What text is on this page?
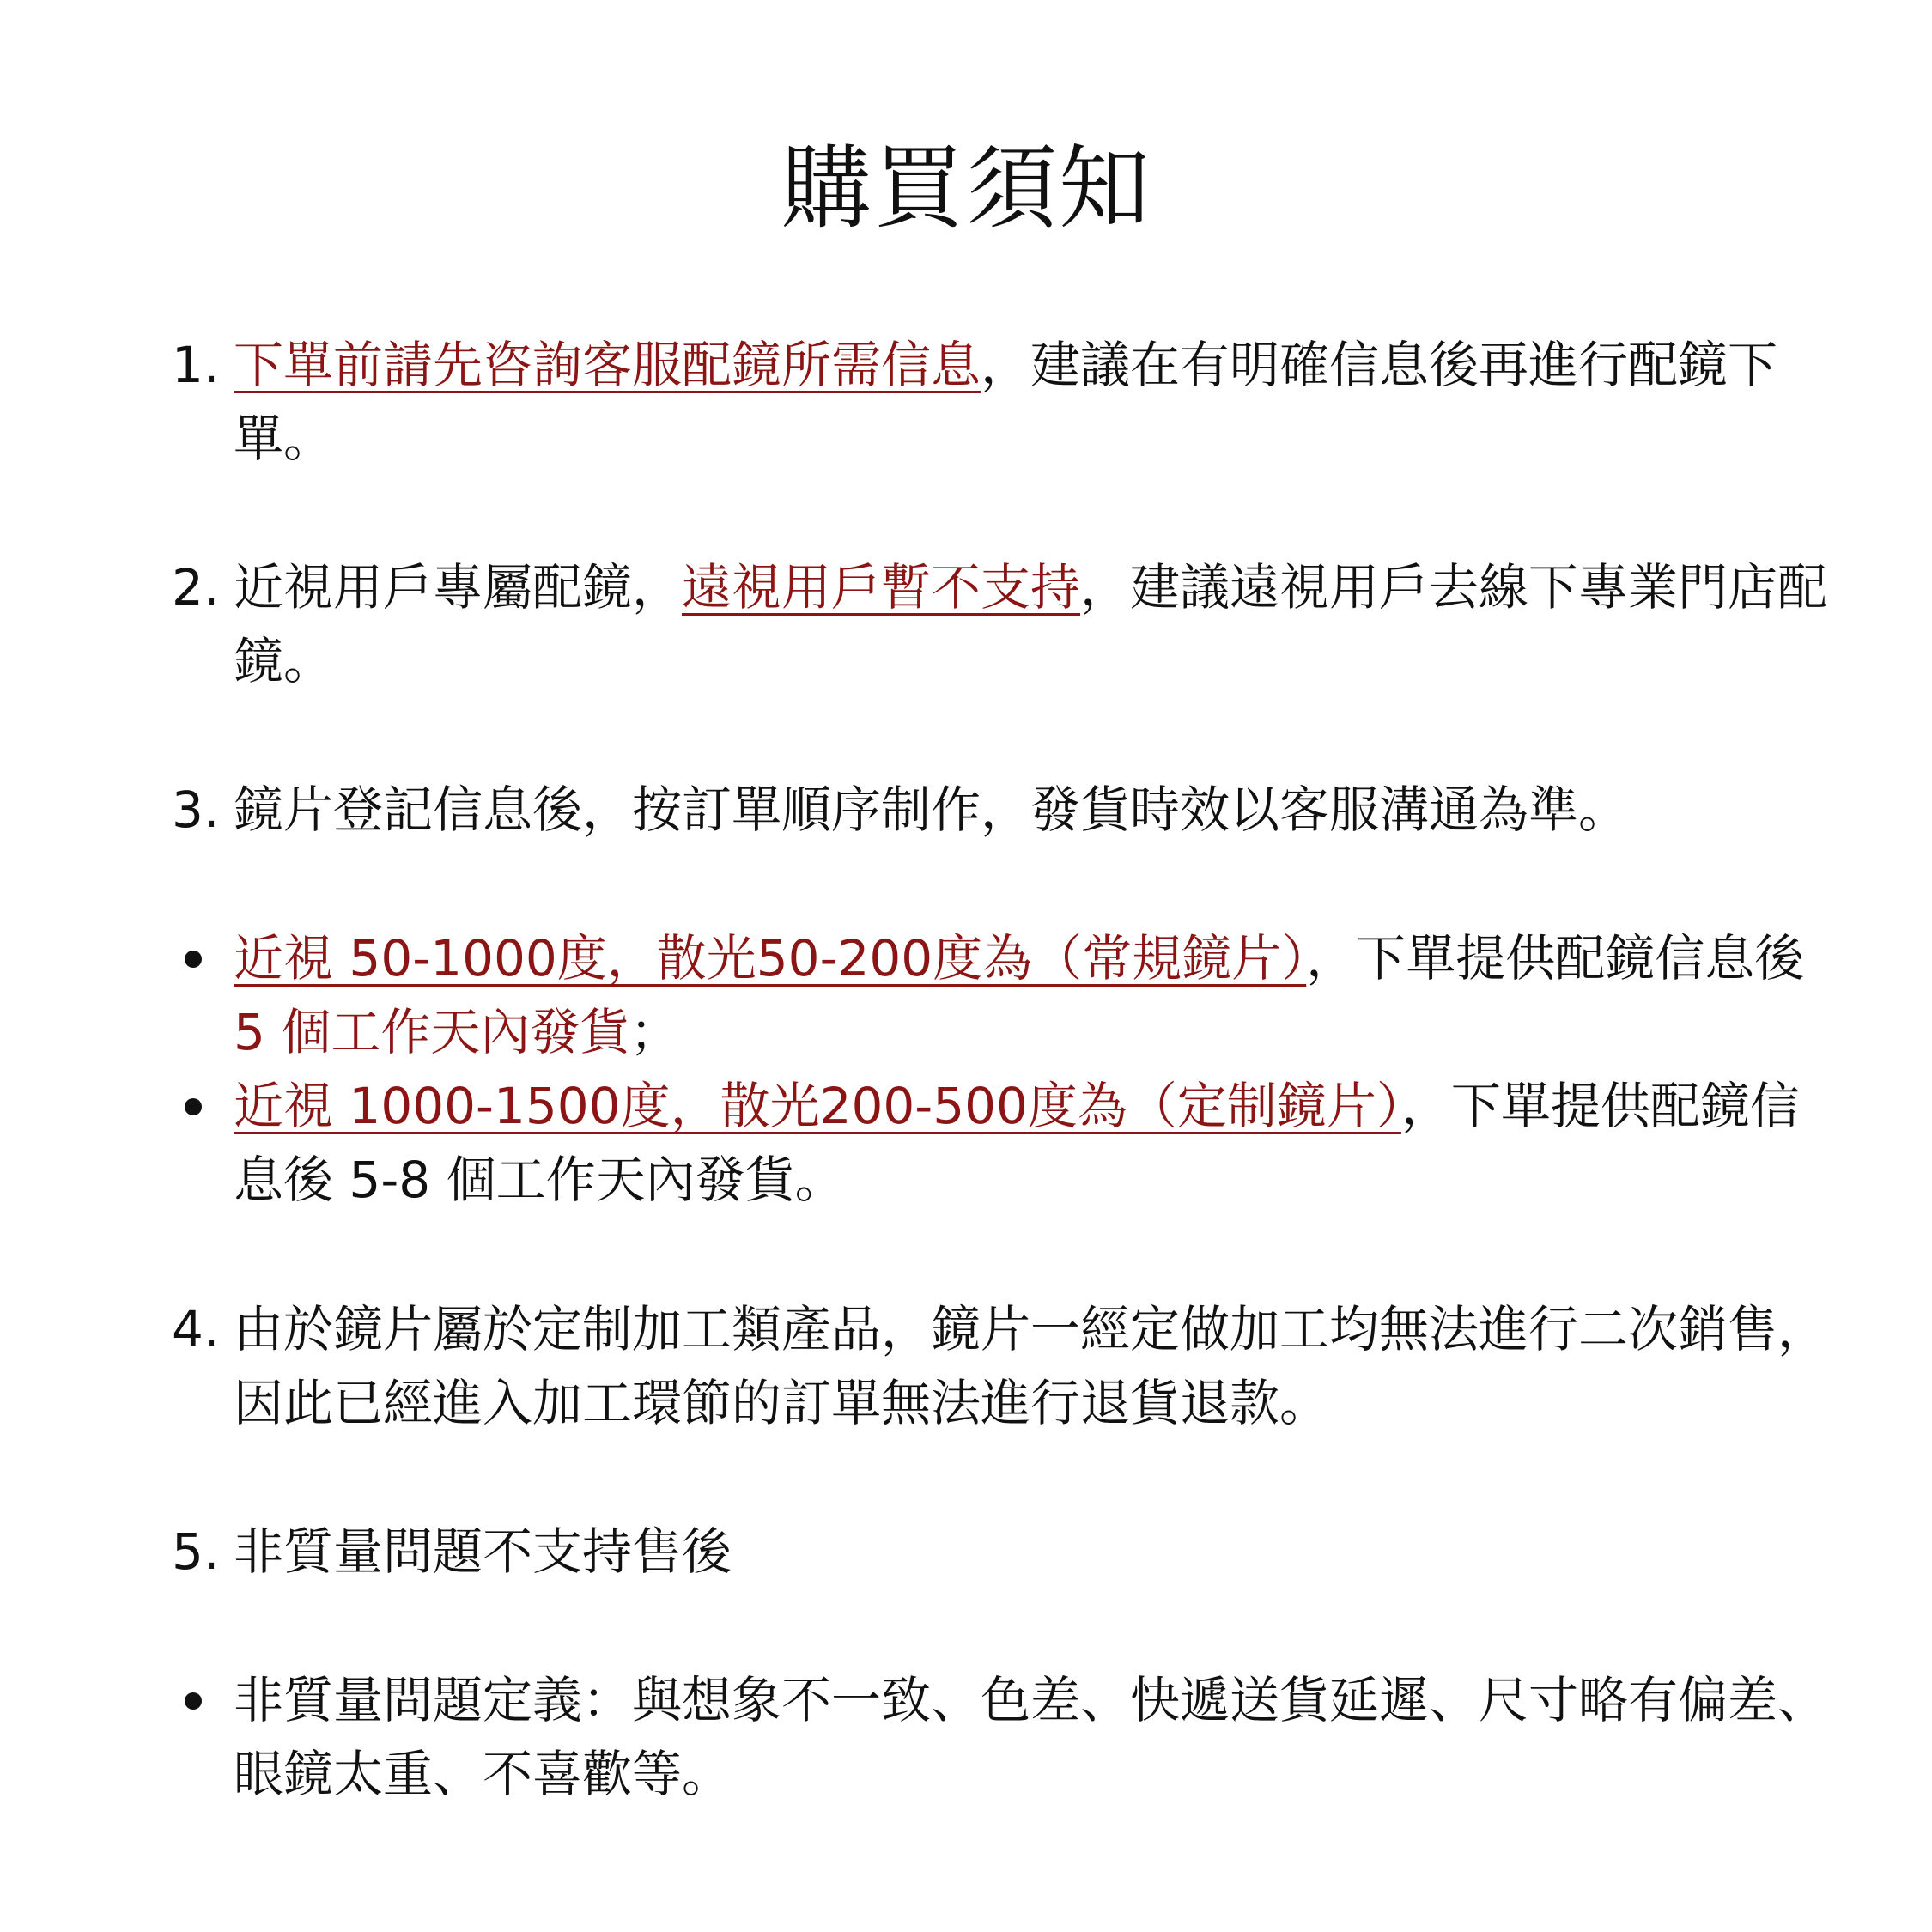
購買須知
1. 下單前請先咨詢客服配鏡所需信息，建議在有明確信息後再進行配鏡下單。
2. 近視用戶專屬配鏡，遠視用戶暫不支持，建議遠視用戶去線下專業門店配鏡。
3. 鏡片登記信息後，按訂單順序制作，發貨時效以客服溝通為準。
近視 50-1000度，散光50-200度為（常規鏡片），下單提供配鏡信息後 5 個工作天內發貨；
近視 1000-1500度，散光200-500度為（定制鏡片），下單提供配鏡信息後 5-8 個工作天內發貨。
4. 由於鏡片屬於定制加工類產品，鏡片一經定做加工均無法進行二次銷售，因此已經進入加工環節的訂單無法進行退貨退款。
5. 非質量問題不支持售後
非質量問題定義：與想象不一致、色差、快遞送貨延遲、尺寸略有偏差、眼鏡太重、不喜歡等。
